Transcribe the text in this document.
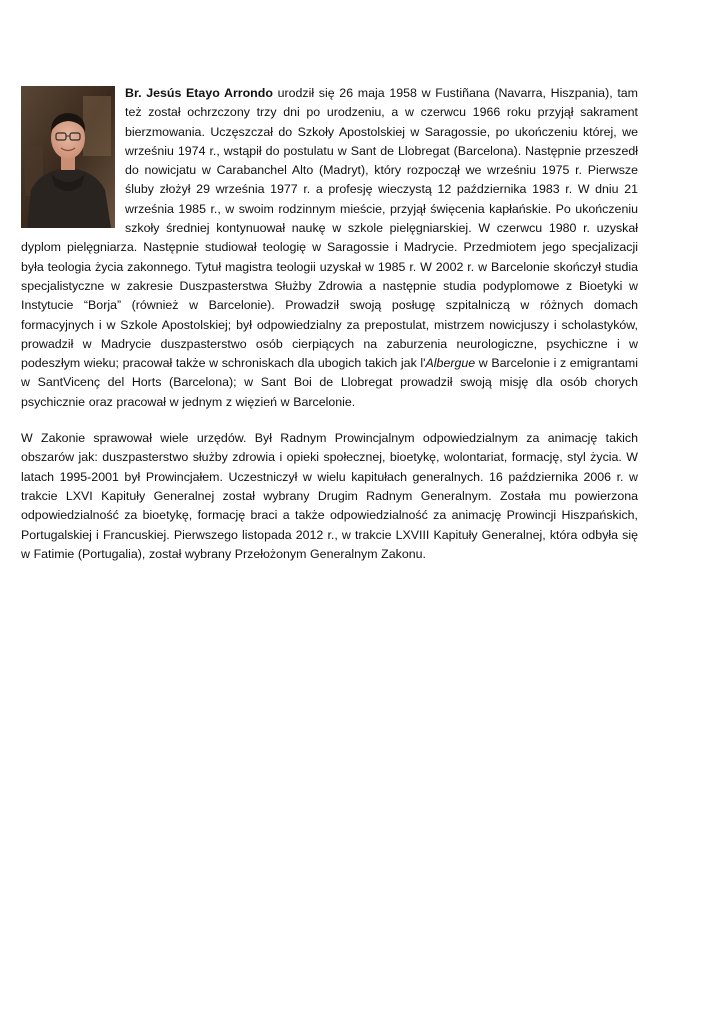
Br. Jesús Etayo Arrondo urodził się 26 maja 1958 w Fustiñana (Navarra, Hiszpania), tam też został ochrzczony trzy dni po urodzeniu, a w czerwcu 1966 roku przyjął sakrament bierzmowania. Uczęszczał do Szkoły Apostolskiej w Saragossie, po ukończeniu której, we wrześniu 1974 r., wstąpił do postulatu w Sant de Llobregat (Barcelona). Następnie przeszedł do nowicjatu w Carabanchel Alto (Madryt), który rozpoczął we wrześniu 1975 r. Pierwsze śluby złożył 29 września 1977 r. a profesję wieczystą 12 października 1983 r. W dniu 21 września 1985 r., w swoim rodzinnym mieście, przyjął święcenia kapłańskie. Po ukończeniu szkoły średniej kontynuował naukę w szkole pielęgniarskiej. W czerwcu 1980 r. uzyskał dyplom pielęgniarza. Następnie studiował teologię w Saragossie i Madrycie. Przedmiotem jego specjalizacji była teologia życia zakonnego. Tytuł magistra teologii uzyskał w 1985 r. W 2002 r. w Barcelonie skończył studia specjalistyczne w zakresie Duszpasterstwa Służby Zdrowia a następnie studia podyplomowe z Bioetyki w Instytucie “Borja” (również w Barcelonie). Prowadził swoją posługę szpitalniczą w różnych domach formacyjnych i w Szkole Apostolskiej; był odpowiedzialny za prepostulat, mistrzem nowicjuszy i scholastyków, prowadził w Madrycie duszpasterstwo osób cierpiących na zaburzenia neurologiczne, psychiczne i w podeszłym wieku; pracował także w schroniskach dla ubogich takich jak l'Albergue w Barcelonie i z emigrantami w SantVicenç del Horts (Barcelona); w Sant Boi de Llobregat prowadził swoją misję dla osób chorych psychicznie oraz pracował w jednym z więzień w Barcelonie.

W Zakonie sprawował wiele urzędów. Był Radnym Prowincjalnym odpowiedzialnym za animację takich obszarów jak: duszpasterstwo służby zdrowia i opieki społecznej, bioetykę, wolontariat, formację, styl życia. W latach 1995-2001 był Prowincjałem. Uczestniczył w wielu kapitułach generalnych. 16 października 2006 r. w trakcie LXVI Kapituły Generalnej został wybrany Drugim Radnym Generalnym. Została mu powierzona odpowiedzialność za bioetykę, formację braci a także odpowiedzialność za animację Prowincji Hiszpańskich, Portugalskiej i Francuskiej. Pierwszego listopada 2012 r., w trakcie LXVIII Kapituły Generalnej, która odbyła się w Fatimie (Portugalia), został wybrany Przełożonym Generalnym Zakonu.
